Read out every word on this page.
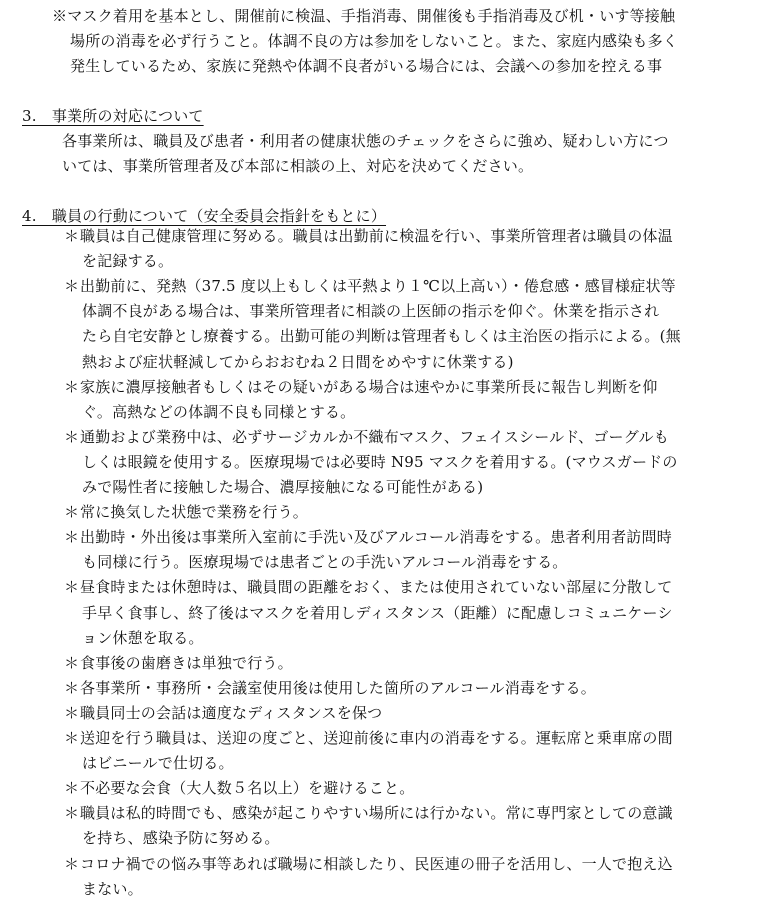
※マスク着用を基本とし、開催前に検温、手指消毒、開催後も手指消毒及び机・いす等接触
場所の消毒を必ず行うこと。体調不良の方は参加をしないこと。また、家庭内感染も多く
発生しているため、家族に発熱や体調不良者がいる場合には、会議への参加を控える事
3.　事業所の対応について
各事業所は、職員及び患者・利用者の健康状態のチェックをさらに強め、疑わしい方につ
いては、事業所管理者及び本部に相談の上、対応を決めてください。
4.　職員の行動について（安全委員会指針をもとに）
＊ 職員は自己健康管理に努める。職員は出勤前に検温を行い、事業所管理者は職員の体温
を記録する。
＊ 出勤前に、発熱（37.5 度以上もしくは平熱より１℃以上高い）・倦怠感・感冒様症状等
体調不良がある場合は、事業所管理者に相談の上医師の指示を仰ぐ。休業を指示され
たら自宅安静とし療養する。出勤可能の判断は管理者もしくは主治医の指示による。(無
熱および症状軽減してからおおむね２日間をめやすに休業する)
＊ 家族に濃厚接触者もしくはその疑いがある場合は速やかに事業所長に報告し判断を仰
ぐ。高熱などの体調不良も同様とする。
＊ 通勤および業務中は、必ずサージカルか不織布マスク、フェイスシールド、ゴーグルも
しくは眼鏡を使用する。医療現場では必要時 N95 マスクを着用する。(マウスガードの
みで陽性者に接触した場合、濃厚接触になる可能性がある)
＊ 常に換気した状態で業務を行う。
＊ 出勤時・外出後は事業所入室前に手洗い及びアルコール消毒をする。患者利用者訪問時
も同様に行う。医療現場では患者ごとの手洗いアルコール消毒をする。
＊ 昼食時または休憩時は、職員間の距離をおく、または使用されていない部屋に分散して
手早く食事し、終了後はマスクを着用しディスタンス（距離）に配慮しコミュニケーシ
ョン休憩を取る。
＊ 食事後の歯磨きは単独で行う。
＊ 各事業所・事務所・会議室使用後は使用した箇所のアルコール消毒をする。
＊ 職員同士の会話は適度なディスタンスを保つ
＊ 送迎を行う職員は、送迎の度ごと、送迎前後に車内の消毒をする。運転席と乗車席の間
はビニールで仕切る。
＊ 不必要な会食（大人数５名以上）を避けること。
＊ 職員は私的時間でも、感染が起こりやすい場所には行かない。常に専門家としての意識
を持ち、感染予防に努める。
＊ コロナ禍での悩み事等あれば職場に相談したり、民医連の冊子を活用し、一人で抱え込
まない。
